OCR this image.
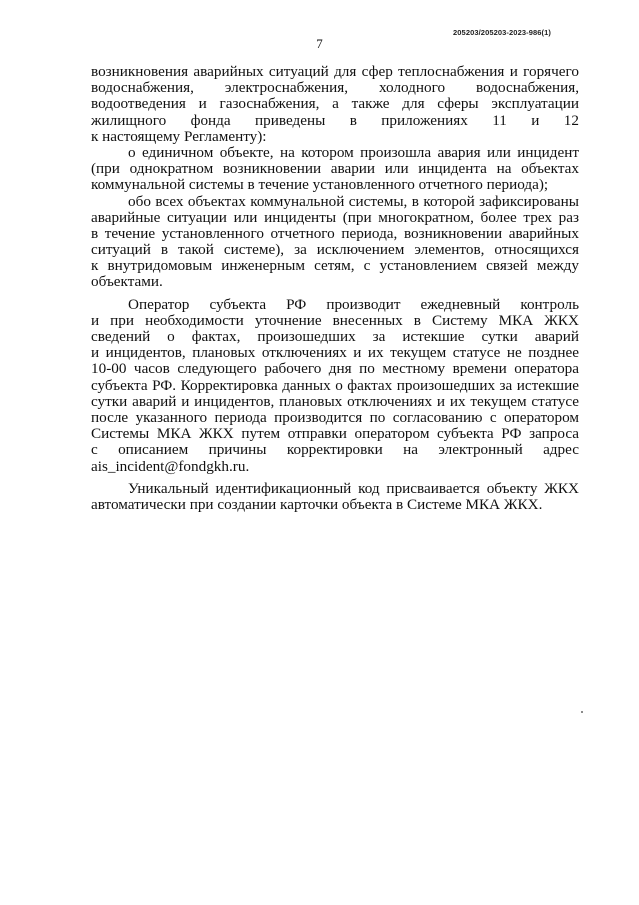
205203/205203-2023-986(1)
7
возникновения аварийных ситуаций для сфер теплоснабжения и горячего
водоснабжения, электроснабжения, холодного водоснабжения,
водоотведения и газоснабжения, а также для сферы эксплуатации
жилищного фонда приведены в приложениях 11 и 12
к настоящему Регламенту):
о единичном объекте, на котором произошла авария или инцидент
(при однократном возникновении аварии или инцидента на объектах
коммунальной системы в течение установленного отчетного периода);
обо всех объектах коммунальной системы, в которой зафиксированы
аварийные ситуации или инциденты (при многократном, более трех раз
в течение установленного отчетного периода, возникновении аварийных
ситуаций в такой системе), за исключением элементов, относящихся
к внутридомовым инженерным сетям, с установлением связей между
объектами.
Оператор субъекта РФ производит ежедневный контроль
и при необходимости уточнение внесенных в Систему МКА ЖКХ
сведений о фактах, произошедших за истекшие сутки аварий
и инцидентов, плановых отключениях и их текущем статусе не позднее
10-00 часов следующего рабочего дня по местному времени оператора
субъекта РФ. Корректировка данных о фактах произошедших за истекшие
сутки аварий и инцидентов, плановых отключениях и их текущем статусе
после указанного периода производится по согласованию с оператором
Системы МКА ЖКХ путем отправки оператором субъекта РФ запроса
с описанием причины корректировки на электронный адрес
ais_incident@fondgkh.ru.
Уникальный идентификационный код присваивается объекту ЖКХ
автоматически при создании карточки объекта в Системе МКА ЖКХ.
